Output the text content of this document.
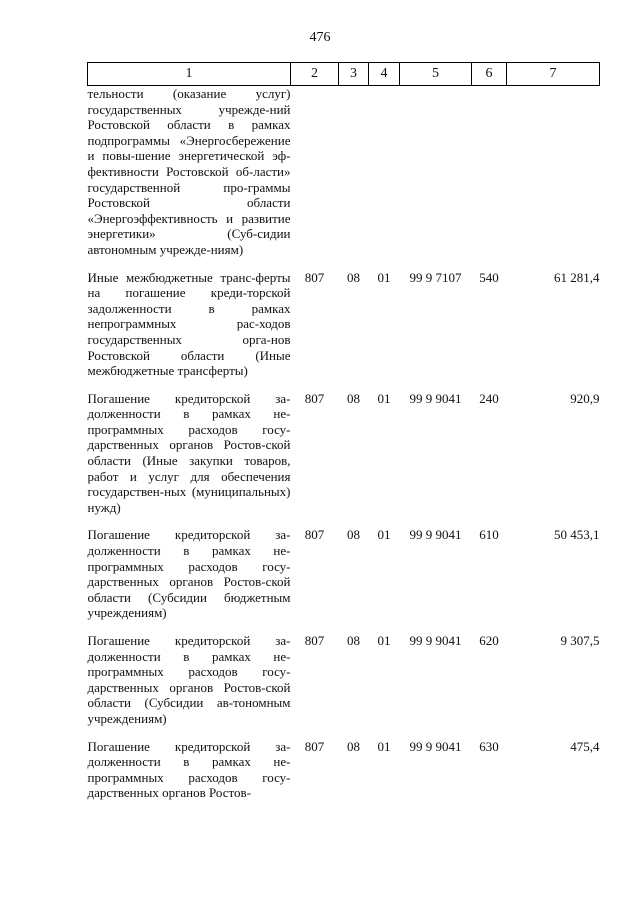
476
1	2	3	4	5	6	7
тельности (оказание услуг) государственных учрежде-ний Ростовской области в рамках подпрограммы «Энергосбережение и повы-шение энергетической эф-фективности Ростовской об-ласти» государственной про-граммы Ростовской области «Энергоэффективность и развитие энергетики» (Суб-сидии автономным учрежде-ниям)						
Иные межбюджетные транс-ферты на погашение креди-торской задолженности в рамках непрограммных рас-ходов государственных орга-нов Ростовской области (Иные межбюджетные трансферты)	807	08	01	99 9 7107	540	61 281,4
Погашение кредиторской за-долженности в рамках не-программных расходов госу-дарственных органов Ростов-ской области (Иные закупки товаров, работ и услуг для обеспечения государствен-ных (муниципальных) нужд)	807	08	01	99 9 9041	240	920,9
Погашение кредиторской за-долженности в рамках не-программных расходов госу-дарственных органов Ростов-ской области (Субсидии бюджетным учреждениям)	807	08	01	99 9 9041	610	50 453,1
Погашение кредиторской за-долженности в рамках не-программных расходов госу-дарственных органов Ростов-ской области (Субсидии ав-тономным учреждениям)	807	08	01	99 9 9041	620	9 307,5
Погашение кредиторской за-долженности в рамках не-программных расходов госу-дарственных органов Ростов-	807	08	01	99 9 9041	630	475,4
